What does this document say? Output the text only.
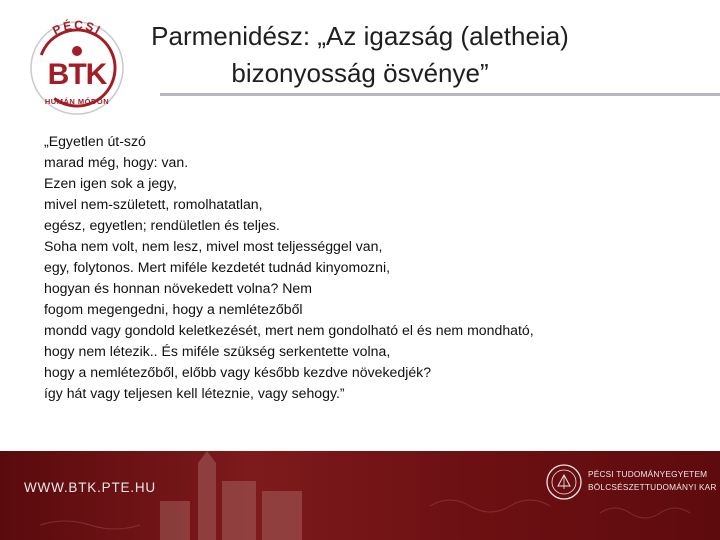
PÉCSI
BTK
HUMÁN MÓDON
Parmenidész: „Az igazság (aletheia)
bizonyosság ösvénye”
„Egyetlen út-szó
marad még, hogy: van.
Ezen igen sok a jegy,
mivel nem-született, romolhatatlan,
egész, egyetlen; rendületlen és teljes.
Soha nem volt, nem lesz, mivel most teljességgel van,
egy, folytonos. Mert miféle kezdetét tudnád kinyomozni,
hogyan és honnan növekedett volna? Nem
fogom megengedni, hogy a nemlétezőből
mondd vagy gondold keletkezését, mert nem gondolható el és nem mondható,
hogy nem létezik.. És miféle szükség serkentette volna,
hogy a nemlétezőből, előbb vagy később kezdve növekedjék?
így hát vagy teljesen kell léteznie, vagy sehogy.”
WWW.BTK.PTE.HU
PÉCSI TUDOMÁNYEGYETEM
BÖLCSÉSZETTUDOMÁNYI KAR
